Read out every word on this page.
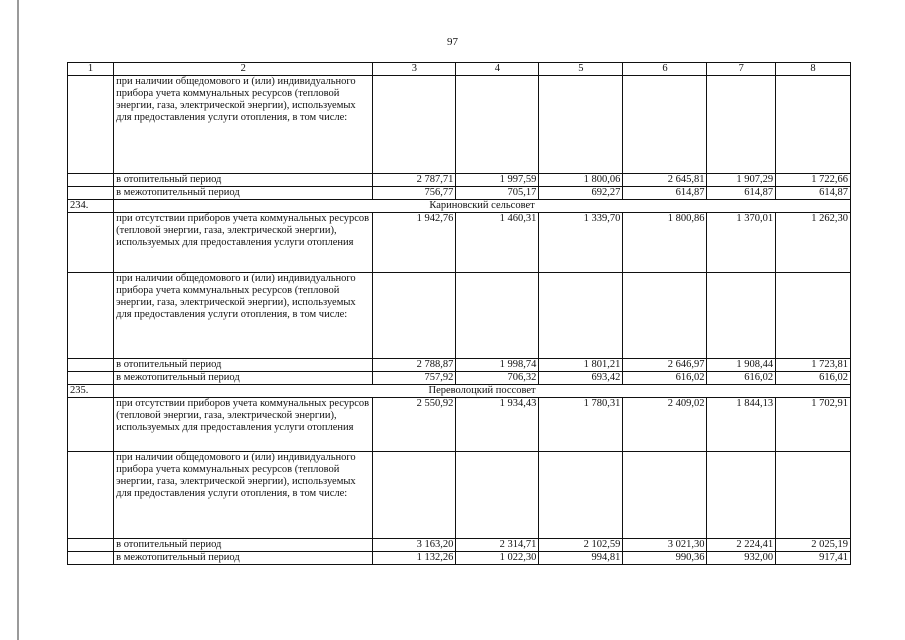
97
1	2	3	4	5	6	7	8
	при наличии общедомового и (или) индивидуального прибора учета коммунальных ресурсов (тепловой энергии, газа, электрической энергии), используемых для предоставления услуги отопления, в том числе:						
	в отопительный период	2 787,71	1 997,59	1 800,06	2 645,81	1 907,29	1 722,66
	в межотопительный период	756,77	705,17	692,27	614,87	614,87	614,87
234.	Кариновский сельсовет						
	при отсутствии приборов учета коммунальных ресурсов (тепловой энергии, газа, электрической энергии), используемых для предоставления услуги отопления	1 942,76	1 460,31	1 339,70	1 800,86	1 370,01	1 262,30
	при наличии общедомового и (или) индивидуального прибора учета коммунальных ресурсов (тепловой энергии, газа, электрической энергии), используемых для предоставления услуги отопления, в том числе:						
	в отопительный период	2 788,87	1 998,74	1 801,21	2 646,97	1 908,44	1 723,81
	в межотопительный период	757,92	706,32	693,42	616,02	616,02	616,02
235.	Переволоцкий поссовет						
	при отсутствии приборов учета коммунальных ресурсов (тепловой энергии, газа, электрической энергии), используемых для предоставления услуги отопления	2 550,92	1 934,43	1 780,31	2 409,02	1 844,13	1 702,91
	при наличии общедомового и (или) индивидуального прибора учета коммунальных ресурсов (тепловой энергии, газа, электрической энергии), используемых для предоставления услуги отопления, в том числе:						
	в отопительный период	3 163,20	2 314,71	2 102,59	3 021,30	2 224,41	2 025,19
	в межотопительный период	1 132,26	1 022,30	994,81	990,36	932,00	917,41
